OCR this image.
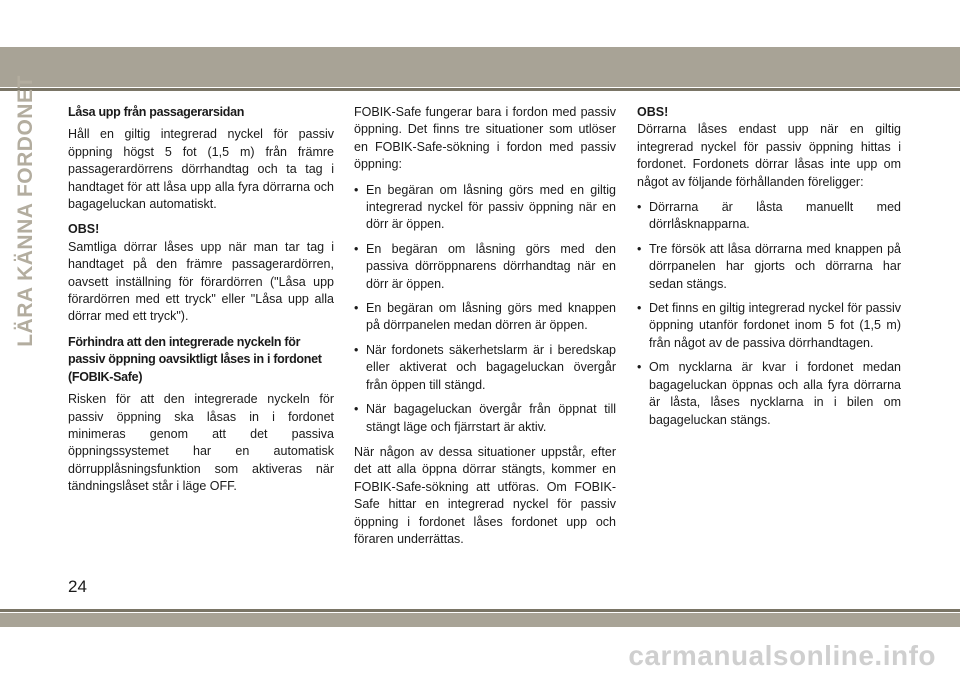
LÄRA KÄNNA FORDONET Låsa upp från passagerarsidan

Håll en giltig integrerad nyckel för passiv öppning högst 5 fot (1,5 m) från främre passagerardörrens dörrhandtag och ta tag i handtaget för att låsa upp alla fyra dörrarna och bagageluckan automatiskt.

OBS!
Samtliga dörrar låses upp när man tar tag i handtaget på den främre passagerardörren, oavsett inställning för förardörren ("Låsa upp förardörren med ett tryck" eller "Låsa upp alla dörrar med ett tryck").
Förhindra att den integrerade nyckeln för passiv öppning oavsiktligt låses in i fordonet (FOBIK-Safe)

Risken för att den integrerade nyckeln för passiv öppning ska låsas in i fordonet minimeras genom att det passiva öppningssystemet har en automatisk dörrupplåsningsfunktion som aktiveras när tändningslåset står i läge OFF.

FOBIK-Safe fungerar bara i fordon med passiv öppning. Det finns tre situationer som utlöser en FOBIK-Safe-sökning i fordon med passiv öppning:

• En begäran om låsning görs med en giltig integrerad nyckel för passiv öppning när en dörr är öppen.
• En begäran om låsning görs med den passiva dörröppnarens dörrhandtag när en dörr är öppen.
• En begäran om låsning görs med knappen på dörrpanelen medan dörren är öppen.
• När fordonets säkerhetslarm är i beredskap eller aktiverat och bagageluckan övergår från öppen till stängd.
• När bagageluckan övergår från öppnat till stängt läge och fjärrstart är aktiv.

När någon av dessa situationer uppstår, efter det att alla öppna dörrar stängts, kommer en FOBIK-Safe-sökning att utföras. Om FOBIK-Safe hittar en integrerad nyckel för passiv öppning i fordonet låses fordonet upp och föraren underrättas.

OBS!
Dörrarna låses endast upp när en giltig integrerad nyckel för passiv öppning hittas i fordonet. Fordonets dörrar låsas inte upp om något av följande förhållanden föreligger:
• Dörrarna är låsta manuellt med dörrlåsknapparna.
• Tre försök att låsa dörrarna med knappen på dörrpanelen har gjorts och dörrarna har sedan stängs.
• Det finns en giltig integrerad nyckel för passiv öppning utanför fordonet inom 5 fot (1,5 m) från något av de passiva dörrhandtagen.
• Om nycklarna är kvar i fordonet medan bagageluckan öppnas och alla fyra dörrarna är låsta, låses nycklarna in i bilen om bagageluckan stängs.
24
carmanualsonline.info
